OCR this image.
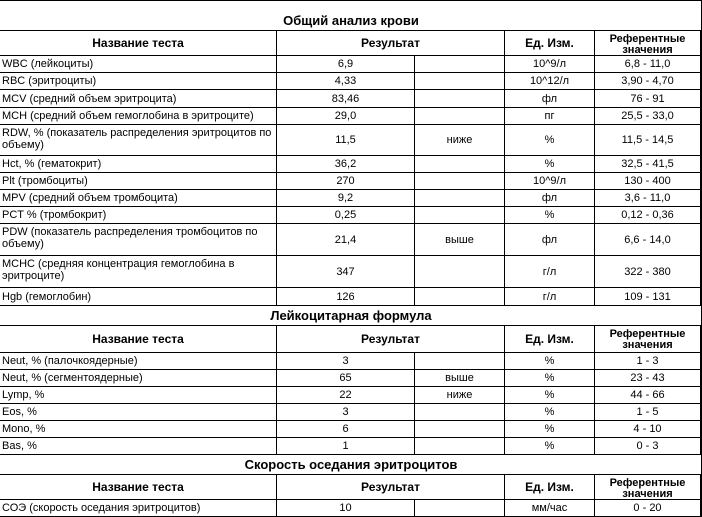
Общий анализ крови
Название теста	Результат	Ед. Изм.	Референтные значения
WBC (лейкоциты)	6,9	10^9/л	6,8 - 11,0
RBC (эритроциты)	4,33	10^12/л	3,90 - 4,70
MCV (средний объем эритроцита)	83,46	фл	76 - 91
MCH (средний объем гемоглобина в эритроците)	29,0	пг	25,5 - 33,0
RDW, % (показатель распределения эритроцитов по объему)	11,5	ниже	%	11,5 - 14,5
Hct, % (гематокрит)	36,2	%	32,5 - 41,5
Plt (тромбоциты)	270	10^9/л	130 - 400
MPV (средний объем тромбоцита)	9,2	фл	3,6 - 11,0
PCT % (тромбокрит)	0,25	%	0,12 - 0,36
PDW (показатель распределения тромбоцитов по объему)	21,4	выше	фл	6,6 - 14,0
MCHC (средняя концентрация гемоглобина в эритроците)	347	г/л	322 - 380
Hgb (гемоглобин)	126	г/л	109 - 131
Лейкоцитарная формула
Название теста	Результат	Ед. Изм.	Референтные значения
Neut, % (палочкоядерные)	3	%	1 - 3
Neut, % (сегментоядерные)	65	выше	%	23 - 43
Lymp, %	22	ниже	%	44 - 66
Eos, %	3	%	1 - 5
Mono, %	6	%	4 - 10
Bas, %	1	%	0 - 3
Скорость оседания эритроцитов
Название теста	Результат	Ед. Изм.	Референтные значения
СОЭ (скорость оседания эритроцитов)	10	мм/час	0 - 20
